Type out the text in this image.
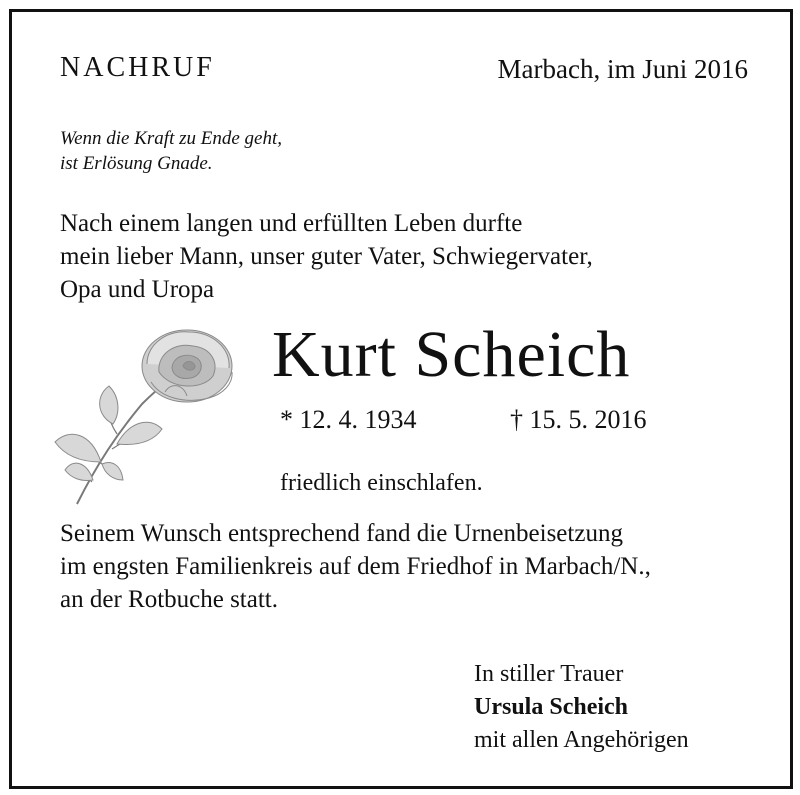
NACHRUF	Marbach, im Juni 2016
Wenn die Kraft zu Ende geht,
ist Erlösung Gnade.
Nach einem langen und erfüllten Leben durfte
mein lieber Mann, unser guter Vater, Schwiegervater,
Opa und Uropa
Kurt Scheich
* 12. 4. 1934	† 15. 5. 2016
friedlich einschlafen.
Seinem Wunsch entsprechend fand die Urnenbeisetzung
im engsten Familienkreis auf dem Friedhof in Marbach/N.,
an der Rotbuche statt.
In stiller Trauer
Ursula Scheich
mit allen Angehörigen
